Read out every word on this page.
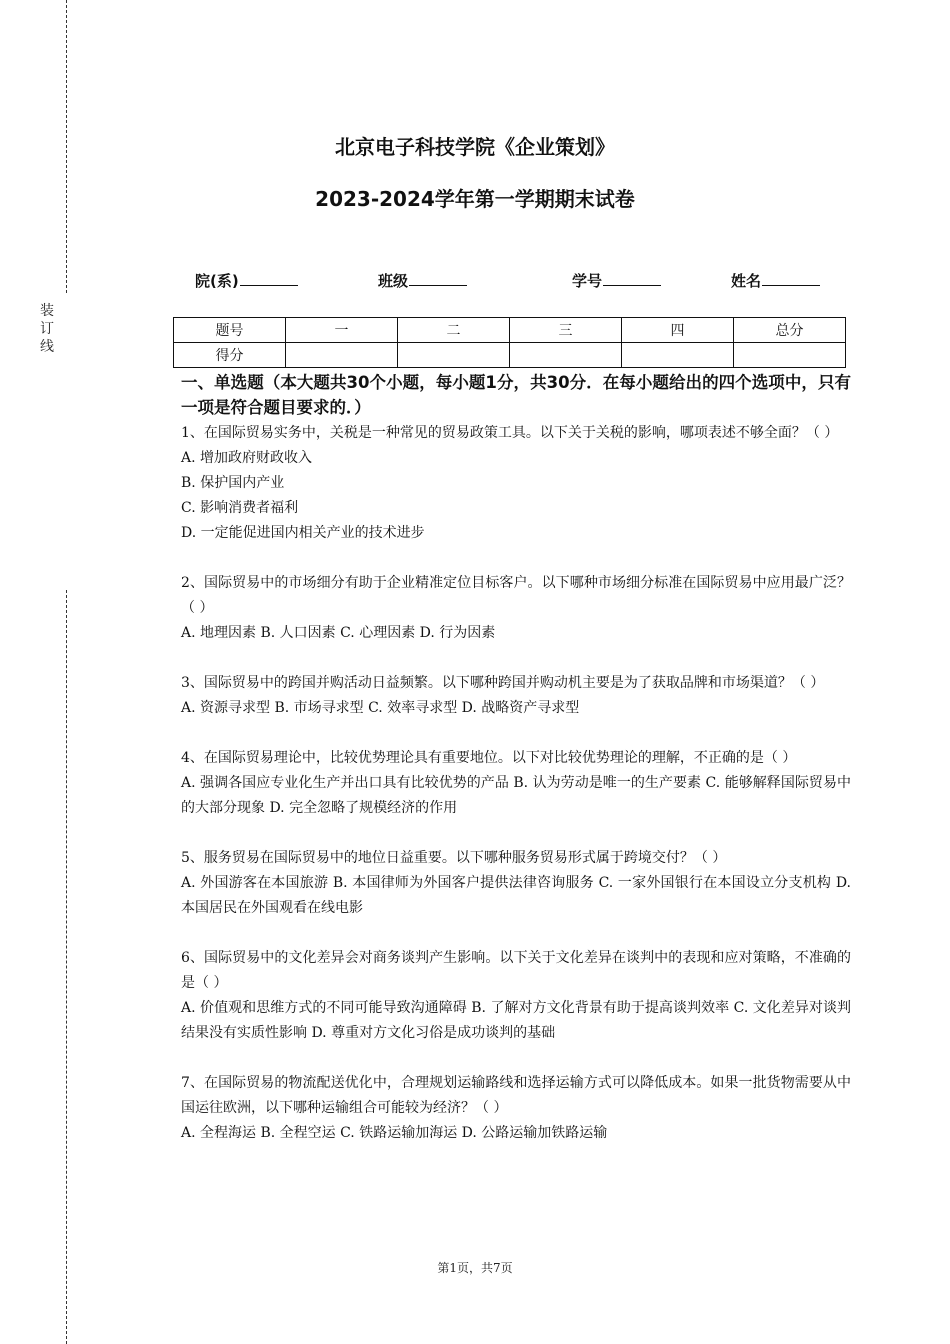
装
订
线
北京电子科技学院《企业策划》
2023-2024学年第一学期期末试卷
院(系)	班级	学号	姓名
题号	一	二	三	四	总分
得分					

一、单选题（本大题共30个小题，每小题1分，共30分．在每小题给出的四个选项中，只有一项是符合题目要求的．）

1、在国际贸易实务中，关税是一种常见的贸易政策工具。以下关于关税的影响，哪项表述不够全面？（ ）

A. 增加政府财政收入

B. 保护国内产业

C. 影响消费者福利

D. 一定能促进国内相关产业的技术进步

2、国际贸易中的市场细分有助于企业精准定位目标客户。以下哪种市场细分标准在国际贸易中应用最广泛？（ ）

A. 地理因素 B. 人口因素 C. 心理因素 D. 行为因素

3、国际贸易中的跨国并购活动日益频繁。以下哪种跨国并购动机主要是为了获取品牌和市场渠道？（ ）

A. 资源寻求型 B. 市场寻求型 C. 效率寻求型 D. 战略资产寻求型

4、在国际贸易理论中，比较优势理论具有重要地位。以下对比较优势理论的理解，不正确的是（ ）

A. 强调各国应专业化生产并出口具有比较优势的产品 B. 认为劳动是唯一的生产要素 C. 能够解释国际贸易中的大部分现象 D. 完全忽略了规模经济的作用

5、服务贸易在国际贸易中的地位日益重要。以下哪种服务贸易形式属于跨境交付？（ ）

A. 外国游客在本国旅游 B. 本国律师为外国客户提供法律咨询服务 C. 一家外国银行在本国设立分支机构 D. 本国居民在外国观看在线电影

6、国际贸易中的文化差异会对商务谈判产生影响。以下关于文化差异在谈判中的表现和应对策略，不准确的是（ ）

A. 价值观和思维方式的不同可能导致沟通障碍 B. 了解对方文化背景有助于提高谈判效率 C. 文化差异对谈判结果没有实质性影响 D. 尊重对方文化习俗是成功谈判的基础

7、在国际贸易的物流配送优化中，合理规划运输路线和选择运输方式可以降低成本。如果一批货物需要从中国运往欧洲，以下哪种运输组合可能较为经济？（ ）

A. 全程海运 B. 全程空运 C. 铁路运输加海运 D. 公路运输加铁路运输

第1页，共7页
